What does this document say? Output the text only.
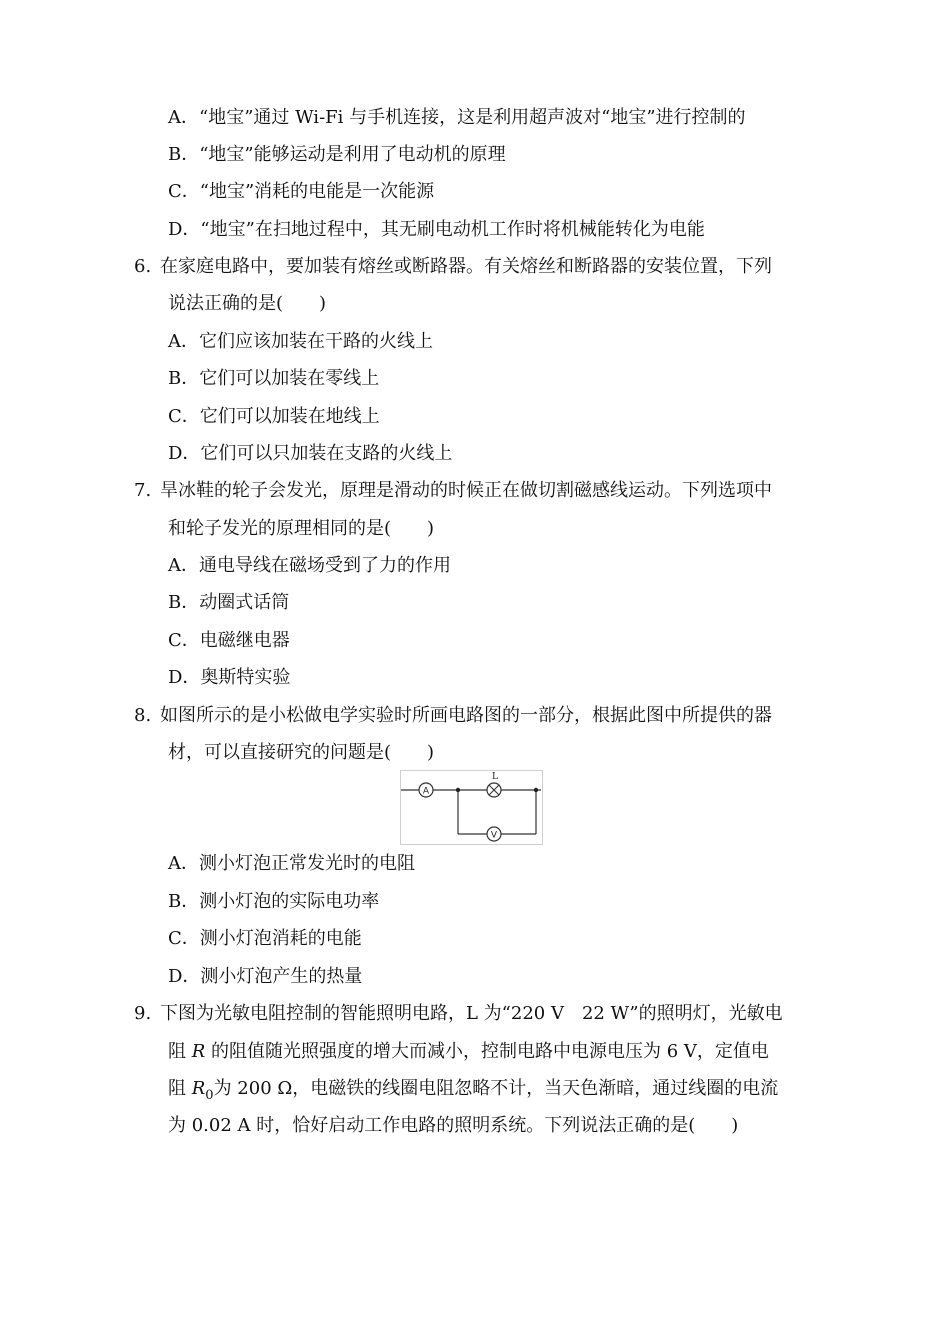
A．“地宝”通过 Wi-Fi 与手机连接，这是利用超声波对“地宝”进行控制的
B．“地宝”能够运动是利用了电动机的原理
C．“地宝”消耗的电能是一次能源
D．“地宝”在扫地过程中，其无刷电动机工作时将机械能转化为电能
6. 在家庭电路中，要加装有熔丝或断路器。有关熔丝和断路器的安装位置，下列
说法正确的是(　　)
A．它们应该加装在干路的火线上
B．它们可以加装在零线上
C．它们可以加装在地线上
D．它们可以只加装在支路的火线上
7. 旱冰鞋的轮子会发光，原理是滑动的时候正在做切割磁感线运动。下列选项中
和轮子发光的原理相同的是(　　)
A．通电导线在磁场受到了力的作用
B．动圈式话筒
C．电磁继电器
D．奥斯特实验
8. 如图所示的是小松做电学实验时所画电路图的一部分，根据此图中所提供的器
材，可以直接研究的问题是(　　)
A
L
V
A．测小灯泡正常发光时的电阻
B．测小灯泡的实际电功率
C．测小灯泡消耗的电能
D．测小灯泡产生的热量
9. 下图为光敏电阻控制的智能照明电路，L 为“220 V　22 W”的照明灯，光敏电
阻 R 的阻值随光照强度的增大而减小，控制电路中电源电压为 6 V，定值电
阻 $R_0$为 200 Ω，电磁铁的线圈电阻忽略不计，当天色渐暗，通过线圈的电流
为 0.02 A 时，恰好启动工作电路的照明系统。下列说法正确的是(　　)
